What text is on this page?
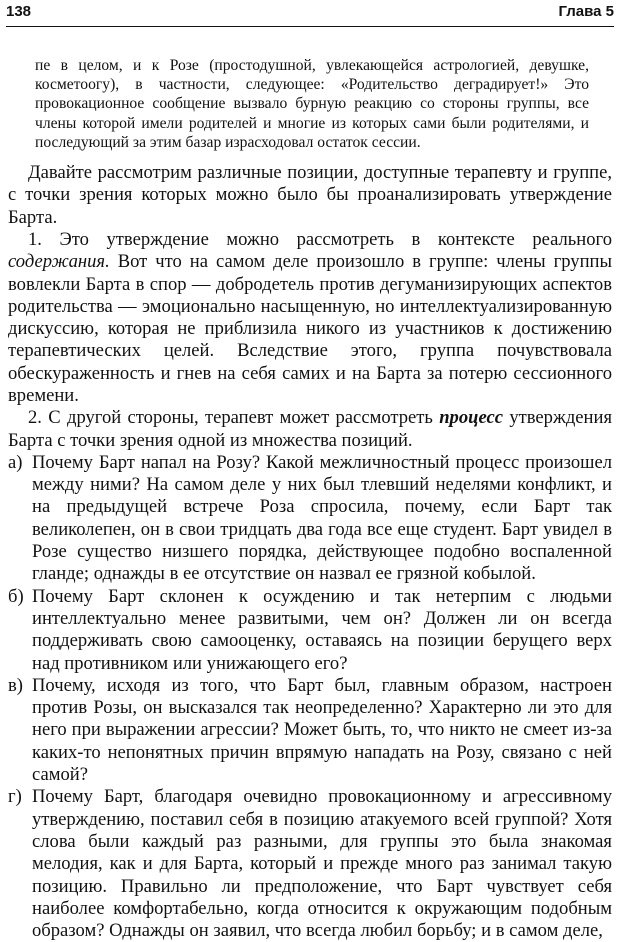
138	Глава 5

пе в целом, и к Розе (простодушной, увлекающейся астрологией, девушке, косметоогу), в частности, следующее: «Родительство деградирует!» Это провокационное сообщение вызвало бурную реакцию со стороны группы, все члены которой имели родителей и многие из которых сами были родителями, и последующий за этим базар израсходовал остаток сессии.

Давайте рассмотрим различные позиции, доступные терапевту и группе, с точки зрения которых можно было бы проанализировать утверждение Барта.

1. Это утверждение можно рассмотреть в контексте реального содержания. Вот что на самом деле произошло в группе: члены группы вовлекли Барта в спор — добродетель против дегуманизирующих аспектов родительства — эмоционально насыщенную, но интеллектуализированную дискуссию, которая не приблизила никого из участников к достижению терапевтических целей. Вследствие этого, группа почувствовала обескураженность и гнев на себя самих и на Барта за потерю сессионного времени.

2. С другой стороны, терапевт может рассмотреть процесс утверждения Барта с точки зрения одной из множества позиций.

а) Почему Барт напал на Розу? Какой межличностный процесс произошел между ними? На самом деле у них был тлевший неделями конфликт, и на предыдущей встрече Роза спросила, почему, если Барт так великолепен, он в свои тридцать два года все еще студент. Барт увидел в Розе существо низшего порядка, действующее подобно воспаленной гланде; однажды в ее отсутствие он назвал ее грязной кобылой.
б) Почему Барт склонен к осуждению и так нетерпим с людьми интеллектуально менее развитыми, чем он? Должен ли он всегда поддерживать свою самооценку, оставаясь на позиции берущего верх над противником или унижающего его?
в) Почему, исходя из того, что Барт был, главным образом, настроен против Розы, он высказался так неопределенно? Характерно ли это для него при выражении агрессии? Может быть, то, что никто не смеет из-за каких-то непонятных причин впрямую нападать на Розу, связано с ней самой?
г) Почему Барт, благодаря очевидно провокационному и агрессивному утверждению, поставил себя в позицию атакуемого всей группой? Хотя слова были каждый раз разными, для группы это была знакомая мелодия, как и для Барта, который и прежде много раз занимал такую позицию. Правильно ли предположение, что Барт чувствует себя наиболее комфортабельно, когда относится к окружающим подобным образом? Однажды он заявил, что всегда любил борьбу; и в самом деле,
